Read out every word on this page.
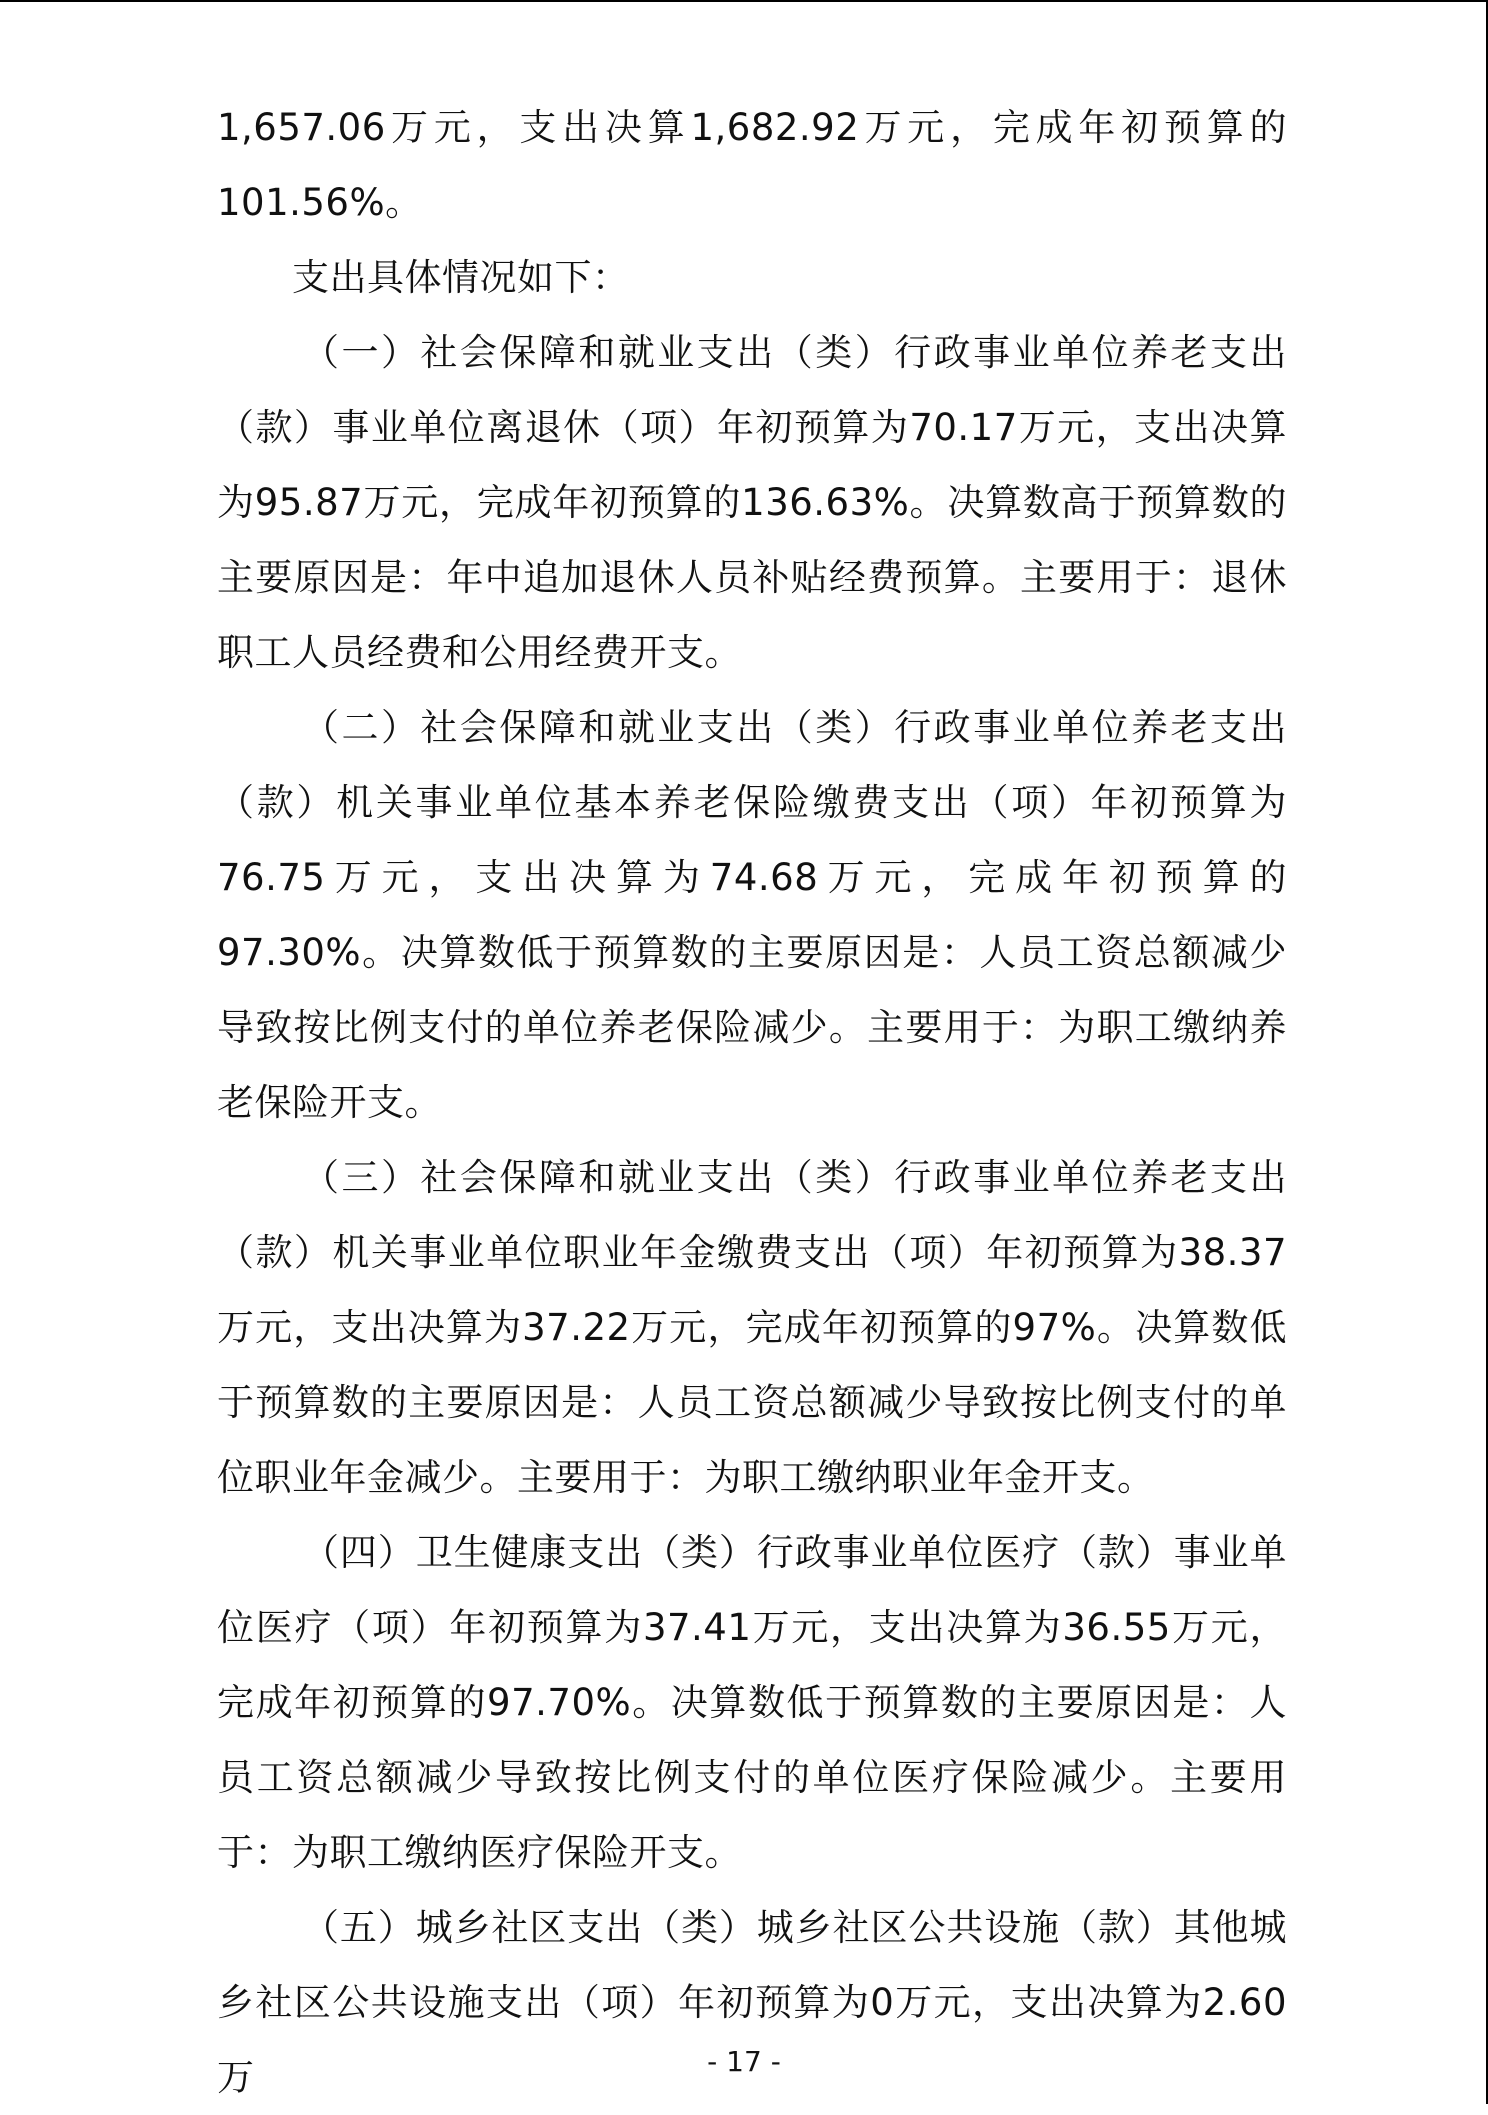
1,657.06万元，支出决算1,682.92万元，完成年初预算的101.56%。

支出具体情况如下：

（一）社会保障和就业支出（类）行政事业单位养老支出（款）事业单位离退休（项）年初预算为70.17万元，支出决算为95.87万元，完成年初预算的136.63%。决算数高于预算数的主要原因是：年中追加退休人员补贴经费预算。主要用于：退休职工人员经费和公用经费开支。

（二）社会保障和就业支出（类）行政事业单位养老支出（款）机关事业单位基本养老保险缴费支出（项）年初预算为76.75万元，支出决算为74.68万元，完成年初预算的97.30%。决算数低于预算数的主要原因是：人员工资总额减少导致按比例支付的单位养老保险减少。主要用于：为职工缴纳养老保险开支。

（三）社会保障和就业支出（类）行政事业单位养老支出（款）机关事业单位职业年金缴费支出（项）年初预算为38.37万元，支出决算为37.22万元，完成年初预算的97%。决算数低于预算数的主要原因是：人员工资总额减少导致按比例支付的单位职业年金减少。主要用于：为职工缴纳职业年金开支。

（四）卫生健康支出（类）行政事业单位医疗（款）事业单位医疗（项）年初预算为37.41万元，支出决算为36.55万元，完成年初预算的97.70%。决算数低于预算数的主要原因是：人员工资总额减少导致按比例支付的单位医疗保险减少。主要用于：为职工缴纳医疗保险开支。

（五）城乡社区支出（类）城乡社区公共设施（款）其他城乡社区公共设施支出（项）年初预算为0万元，支出决算为2.60万	- 17 -
